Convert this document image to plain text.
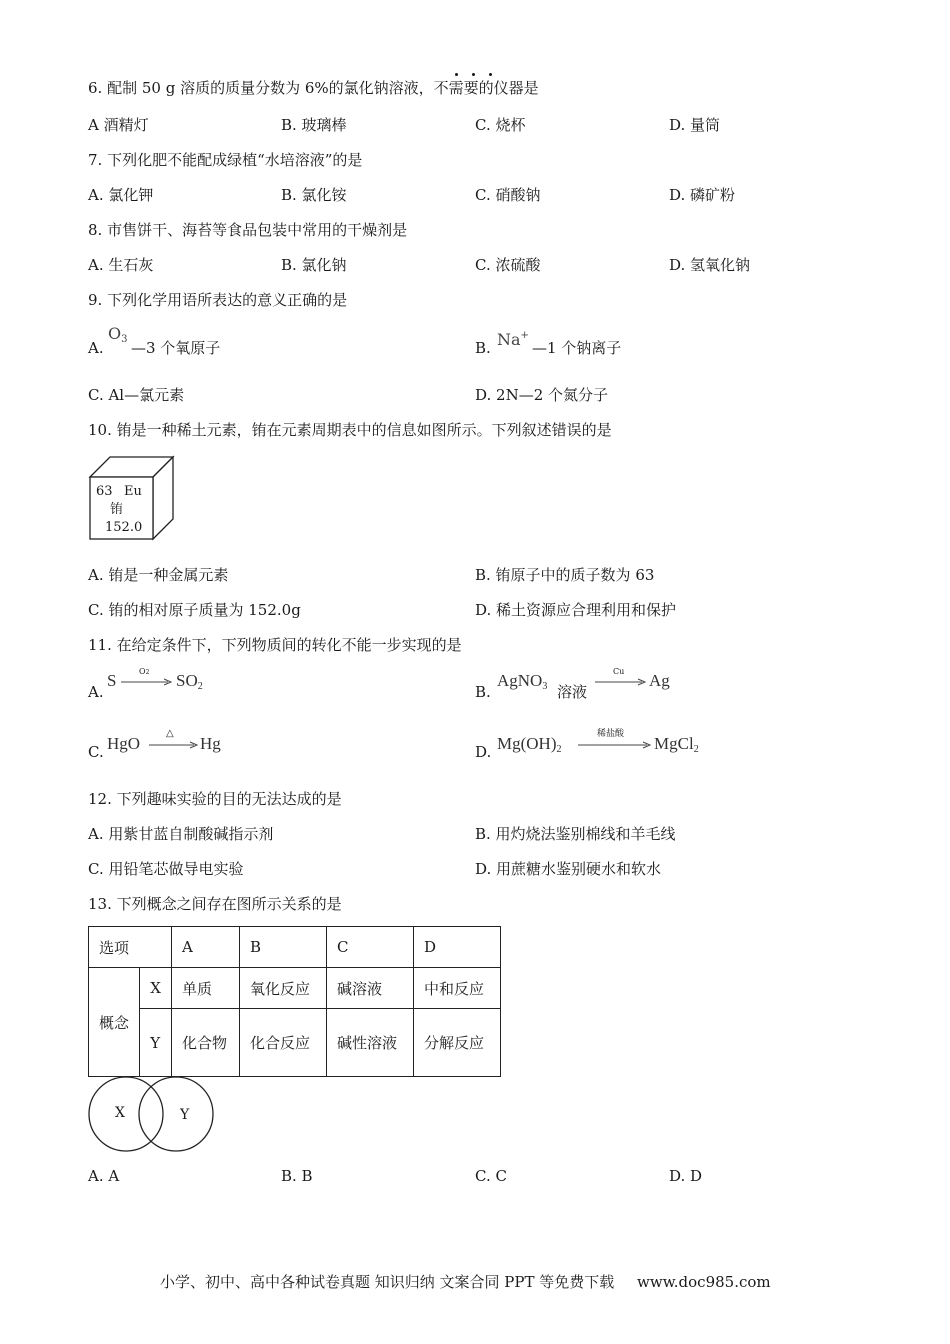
6. 配制 50 g 溶质的质量分数为 6%的氯化钠溶液，不需要的仪器是
A 酒精灯	B. 玻璃棒	C. 烧杯	D. 量筒
7. 下列化肥不能配成绿植“水培溶液”的是
A. 氯化钾	B. 氯化铵	C. 硝酸钠	D. 磷矿粉
8. 市售饼干、海苔等食品包装中常用的干燥剂是
A. 生石灰	B. 氯化钠	C. 浓硫酸	D. 氢氧化钠
9. 下列化学用语所表达的意义正确的是
A.
$O_3$ —3 个氧原子	B. Na+
—1 个钠离子
C. Al—氯元素	D. 2N—2 个氮分子
10. 铕是一种稀土元素，铕在元素周期表中的信息如图所示。下列叙述错误的是
63 Eu
铕
152.0
A. 铕是一种金属元素	B. 铕原子中的质子数为 63
C. 铕的相对原子质量为 152.0g	D. 稀土资源应合理利用和保护
11. 在给定条件下，下列物质间的转化不能一步实现的是
A.
S	$O2 \to SO_2$	B.
AgNO$_3$ 溶液
Cu → Ag
C. HgO
△
Hg	D. $Mg(OH)_2$
稀盐酸 MgCl$_2$
12. 下列趣味实验的目的无法达成的是
A. 用紫甘蓝自制酸碱指示剂	B. 用灼烧法鉴别棉线和羊毛线
C. 用铅笔芯做导电实验	D. 用蔗糖水鉴别硬水和软水
13. 下列概念之间存在图所示关系的是
选项		A	B	C	D
概念	X	单质	氧化反应	碱溶液	中和反应
	Y	化合物	化合反应	碱性溶液	分解反应
X	Y
A. A	B. B	C. C	D. D
小学、初中、高中各种试卷真题 知识归纳 文案合同 PPT 等免费下载 www.doc985.com
